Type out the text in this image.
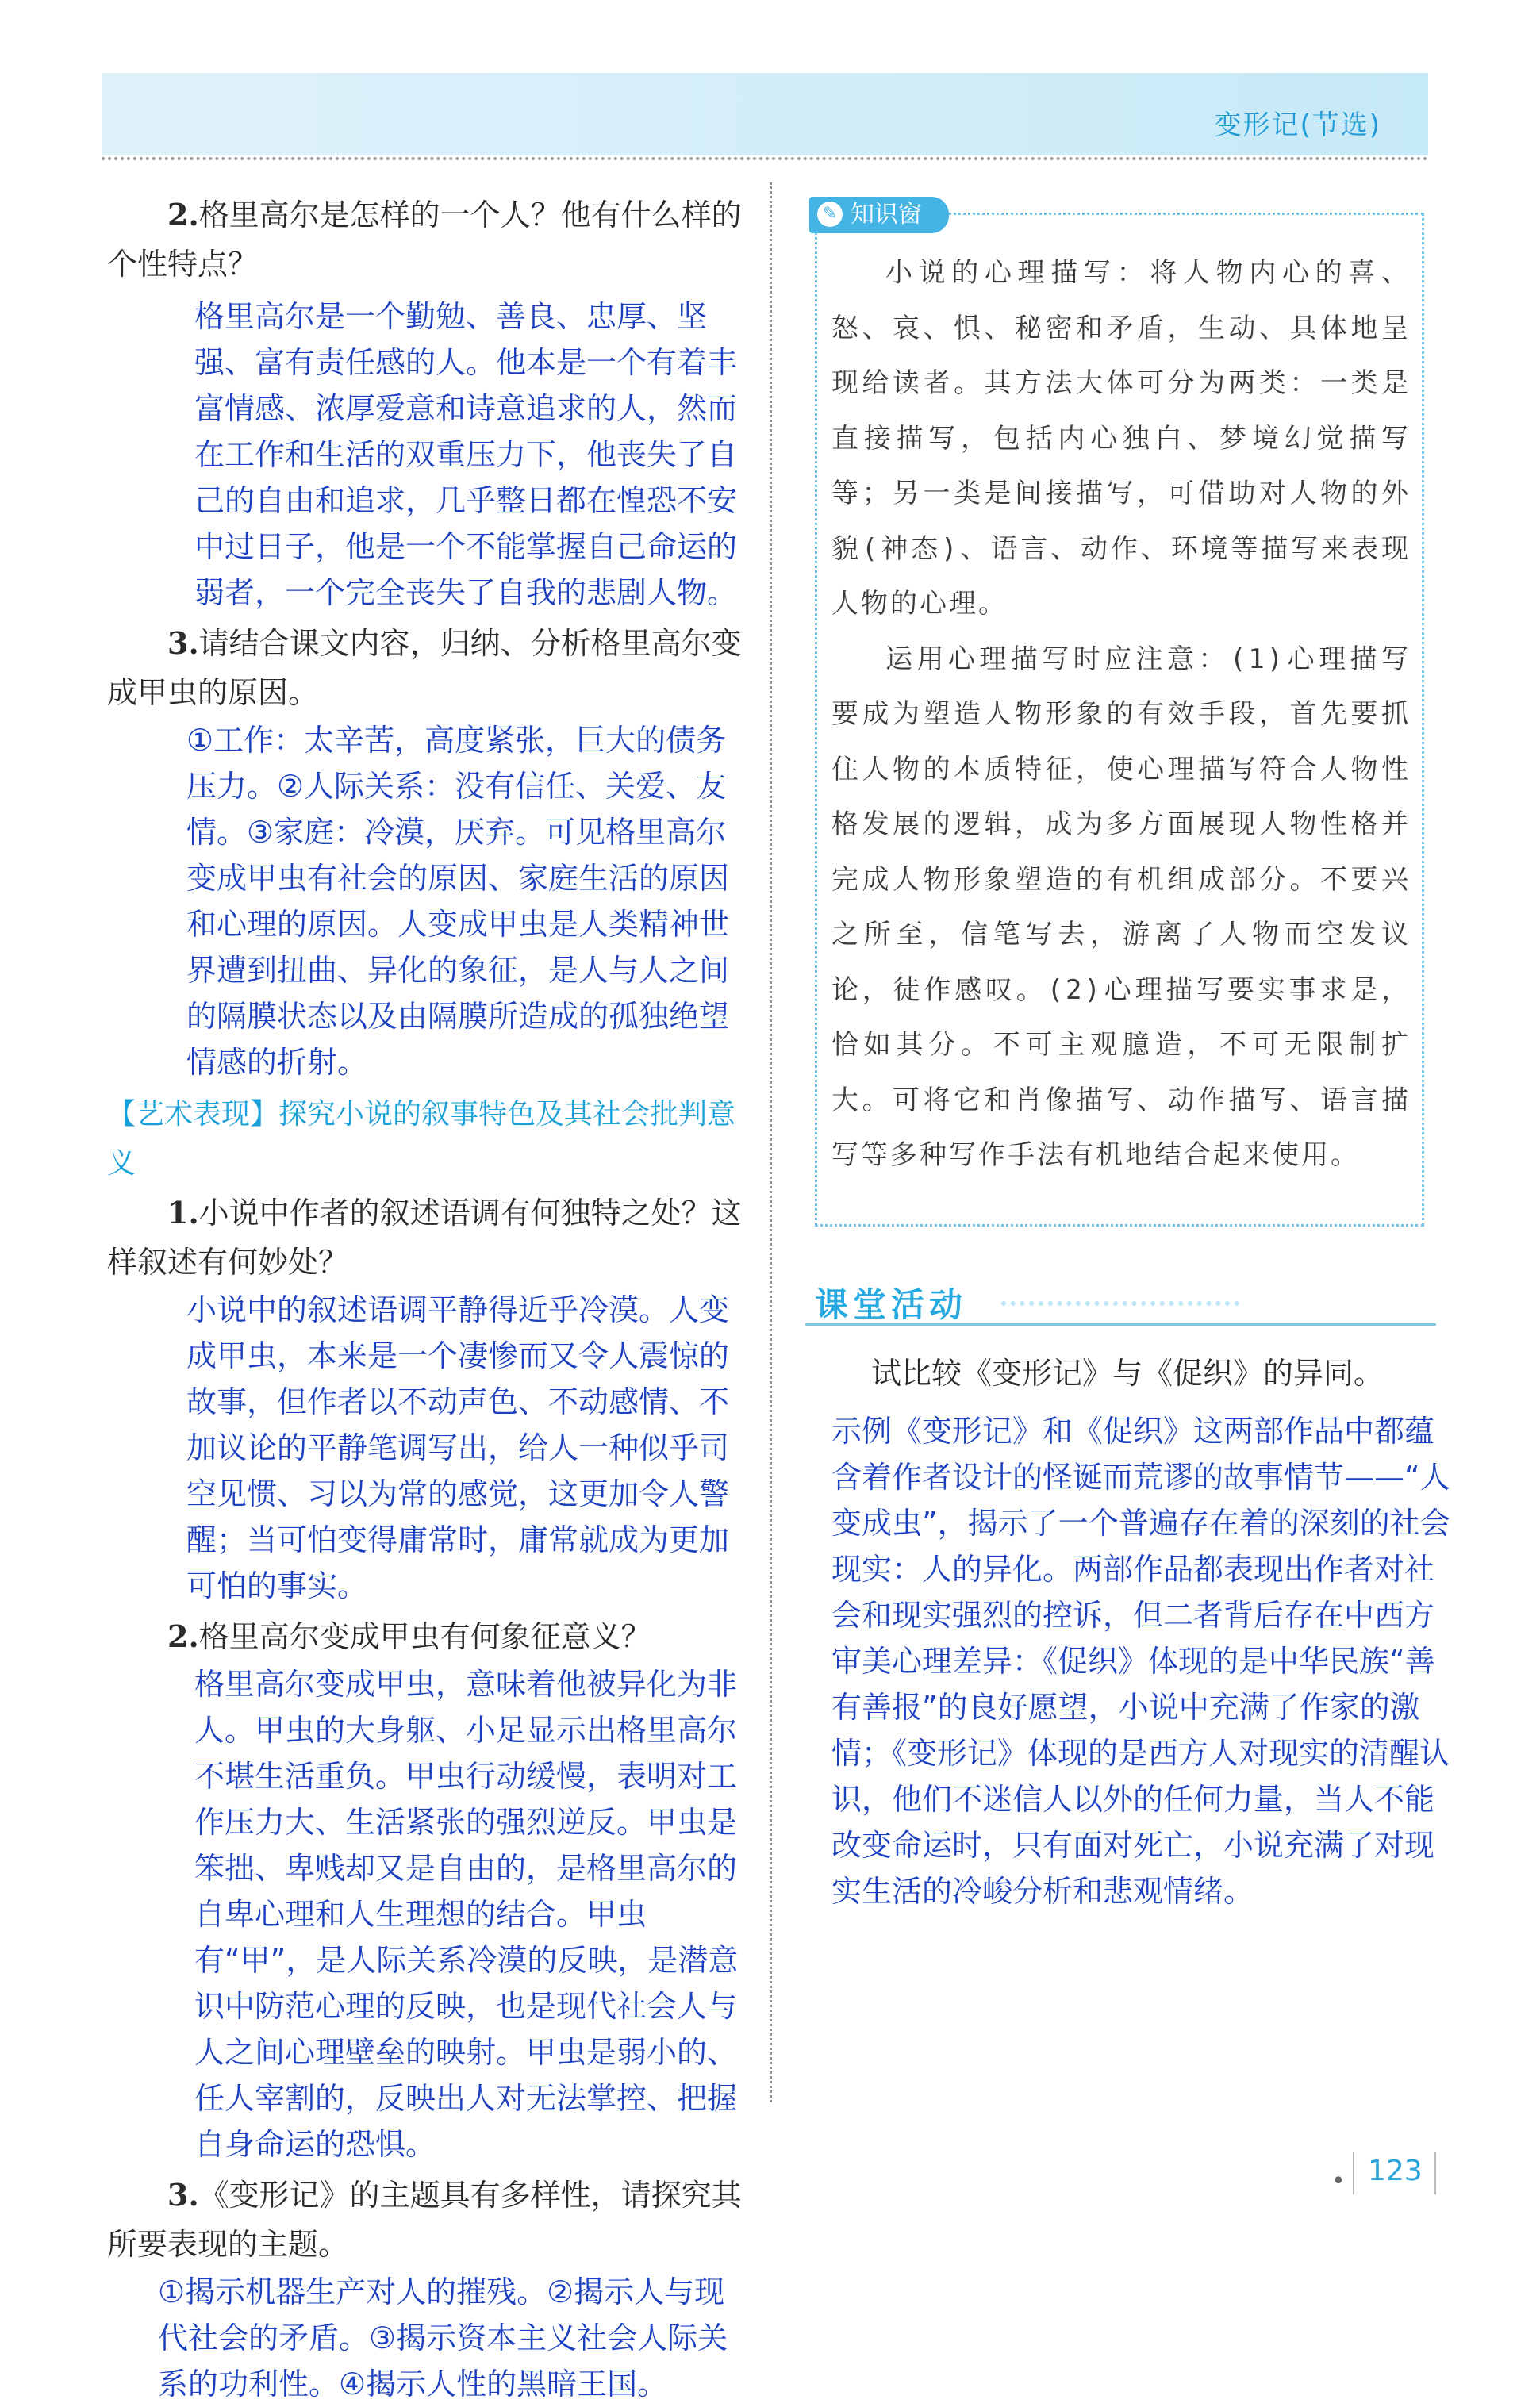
变形记(节选)
2.格里高尔是怎样的一个人？他有什么样的个性特点？
格里高尔是一个勤勉、善良、忠厚、坚强、富有责任感的人。他本是一个有着丰富情感、浓厚爱意和诗意追求的人，然而在工作和生活的双重压力下，他丧失了自己的自由和追求，几乎整日都在惶恐不安中过日子，他是一个不能掌握自己命运的弱者，一个完全丧失了自我的悲剧人物。
3.请结合课文内容，归纳、分析格里高尔变成甲虫的原因。
①工作：太辛苦，高度紧张，巨大的债务压力。②人际关系：没有信任、关爱、友情。③家庭：冷漠，厌弃。可见格里高尔变成甲虫有社会的原因、家庭生活的原因和心理的原因。人变成甲虫是人类精神世界遭到扭曲、异化的象征，是人与人之间的隔膜状态以及由隔膜所造成的孤独绝望情感的折射。
【艺术表现】探究小说的叙事特色及其社会批判意义
1.小说中作者的叙述语调有何独特之处？这样叙述有何妙处？
小说中的叙述语调平静得近乎冷漠。人变成甲虫，本来是一个凄惨而又令人震惊的故事，但作者以不动声色、不动感情、不加议论的平静笔调写出，给人一种似乎司空见惯、习以为常的感觉，这更加令人警醒；当可怕变得庸常时，庸常就成为更加可怕的事实。
2.格里高尔变成甲虫有何象征意义？
格里高尔变成甲虫，意味着他被异化为非人。甲虫的大身躯、小足显示出格里高尔不堪生活重负。甲虫行动缓慢，表明对工作压力大、生活紧张的强烈逆反。甲虫是笨拙、卑贱却又是自由的，是格里高尔的自卑心理和人生理想的结合。甲虫有“甲”，是人际关系冷漠的反映，是潜意识中防范心理的反映，也是现代社会人与人之间心理壁垒的映射。甲虫是弱小的、任人宰割的，反映出人对无法掌控、把握自身命运的恐惧。
3.《变形记》的主题具有多样性，请探究其所要表现的主题。
①揭示机器生产对人的摧残。②揭示人与现代社会的矛盾。③揭示资本主义社会人际关系的功利性。④揭示人性的黑暗王国。
✎ 知识窗

小说的心理描写：将人物内心的喜、怒、哀、惧、秘密和矛盾，生动、具体地呈现给读者。其方法大体可分为两类：一类是直接描写，包括内心独白、梦境幻觉描写等；另一类是间接描写，可借助对人物的外貌(神态)、语言、动作、环境等描写来表现人物的心理。

运用心理描写时应注意：(1)心理描写要成为塑造人物形象的有效手段，首先要抓住人物的本质特征，使心理描写符合人物性格发展的逻辑，成为多方面展现人物性格并完成人物形象塑造的有机组成部分。不要兴之所至，信笔写去，游离了人物而空发议论，徒作感叹。(2)心理描写要实事求是，恰如其分。不可主观臆造，不可无限制扩大。可将它和肖像描写、动作描写、语言描写等多种写作手法有机地结合起来使用。

课堂活动
试比较《变形记》与《促织》的异同。
示例《变形记》和《促织》这两部作品中都蕴含着作者设计的怪诞而荒谬的故事情节——“人变成虫”，揭示了一个普遍存在着的深刻的社会现实：人的异化。两部作品都表现出作者对社会和现实强烈的控诉，但二者背后存在中西方审美心理差异：《促织》体现的是中华民族“善有善报”的良好愿望，小说中充满了作家的激情；《变形记》体现的是西方人对现实的清醒认识，他们不迷信人以外的任何力量，当人不能改变命运时，只有面对死亡，小说充满了对现实生活的冷峻分析和悲观情绪。
• 123
